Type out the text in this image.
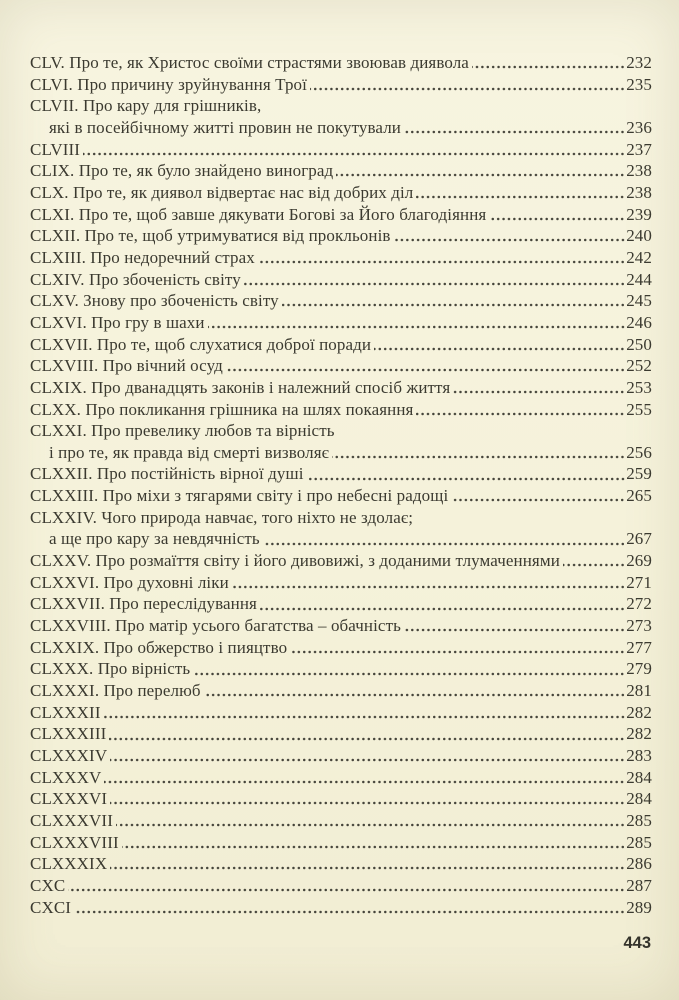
CLV. Про те, як Христос своїми страстями звоював диявола	232
CLVI. Про причину зруйнування Трої	235
CLVII. Про кару для грішників,
які в посейбічному житті провин не покутували	236
CLVIII	237
CLIX. Про те, як було знайдено виноград	238
CLX. Про те, як диявол відвертає нас від добрих діл	238
CLXI. Про те, щоб завше дякувати Богові за Його благодіяння	239
CLXII. Про те, щоб утримуватися від прокльонів	240
CLXIII. Про недоречний страх	242
CLXIV. Про збоченість світу	244
CLXV. Знову про збоченість світу	245
CLXVI. Про гру в шахи	246
CLXVII. Про те, щоб слухатися доброї поради	250
CLXVIII. Про вічний осуд	252
CLXIX. Про дванадцять законів і належний спосіб життя	253
CLXX. Про покликання грішника на шлях покаяння	255
CLXXI. Про превелику любов та вірність
і про те, як правда від смерті визволяє	256
CLXXII. Про постійність вірної душі	259
CLXXIII. Про міхи з тягарями світу і про небесні радощі	265
CLXXIV. Чого природа навчає, того ніхто не здолає;
а ще про кару за невдячність	267
CLXXV. Про розмаїття світу і його дивовижі, з доданими тлумаченнями	269
CLXXVI. Про духовні ліки	271
CLXXVII. Про переслідування	272
CLXXVIII. Про матір усього багатства – обачність	273
CLXXIX. Про обжерство і пияцтво	277
CLXXX. Про вірність	279
CLXXXI. Про перелюб	281
CLXXXII	282
CLXXXIII	282
CLXXXIV	283
CLXXXV	284
CLXXXVI	284
CLXXXVII	285
CLXXXVIII	285
CLXXXIX	286
CXC	287
CXCI	289
443
